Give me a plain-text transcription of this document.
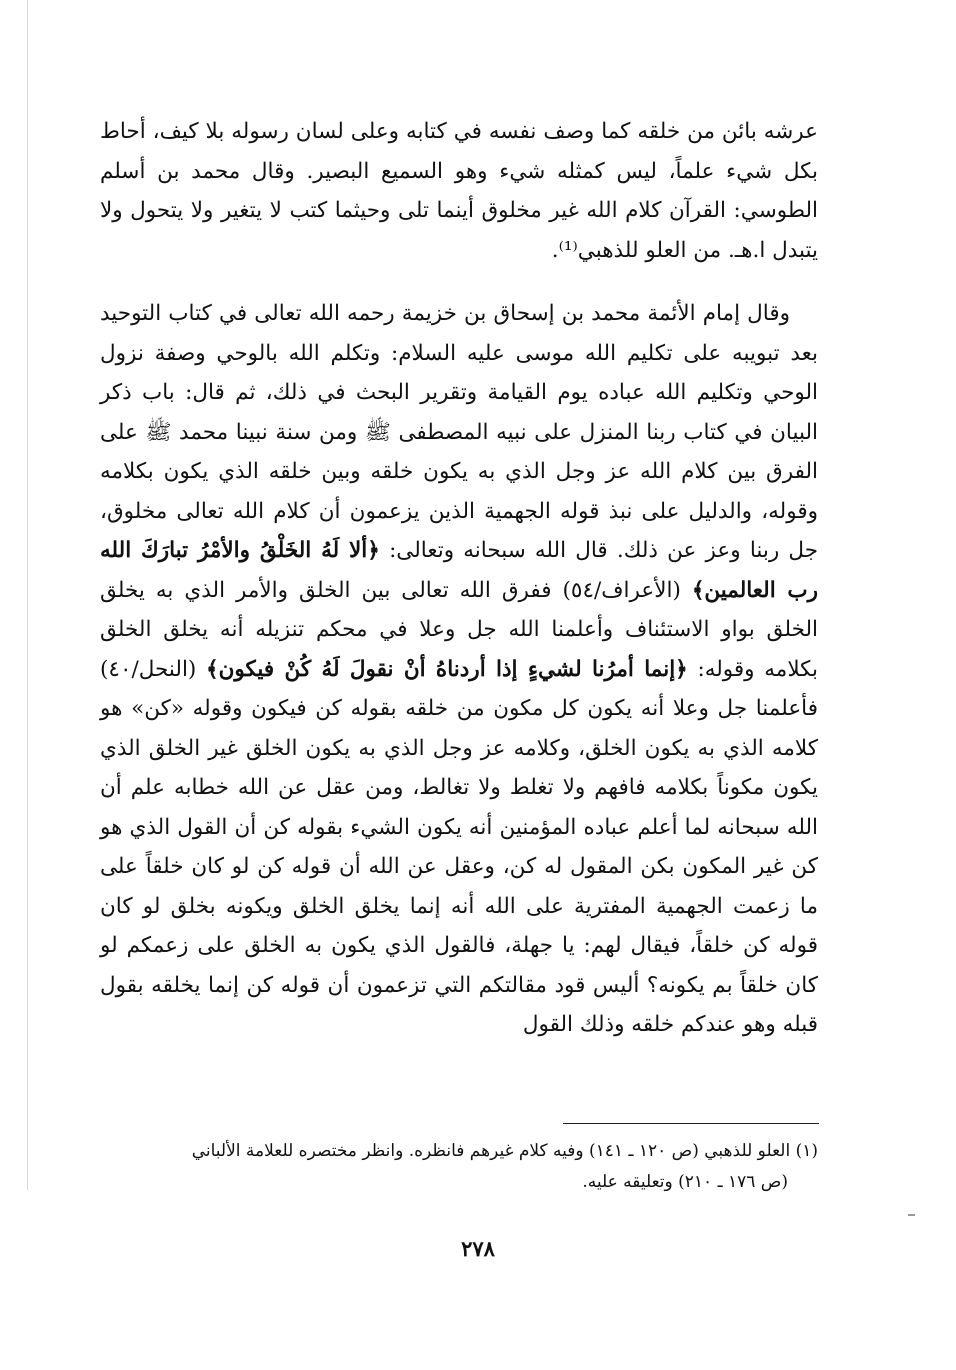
عرشه بائن من خلقه كما وصف نفسه في كتابه وعلى لسان رسوله بلا كيف، أحاط بكل شيء علماً، ليس كمثله شيء وهو السميع البصير. وقال محمد بن أسلم الطوسي: القرآن كلام الله غير مخلوق أينما تلى وحيثما كتب لا يتغير ولا يتحول ولا يتبدل ا.هـ. من العلو للذهبي⁽¹⁾.

وقال إمام الأئمة محمد بن إسحاق بن خزيمة رحمه الله تعالى في كتاب التوحيد بعد تبويبه على تكليم الله موسى عليه السلام: وتكلم الله بالوحي وصفة نزول الوحي وتكليم الله عباده يوم القيامة وتقرير البحث في ذلك، ثم قال: باب ذكر البيان في كتاب ربنا المنزل على نبيه المصطفى ﷺ ومن سنة نبينا محمد ﷺ على الفرق بين كلام الله عز وجل الذي به يكون خلقه وبين خلقه الذي يكون بكلامه وقوله، والدليل على نبذ قوله الجهمية الذين يزعمون أن كلام الله تعالى مخلوق، جل ربنا وعز عن ذلك. قال الله سبحانه وتعالى: ﴿ألا لَهُ الخَلْقُ والأمْرُ تبارَكَ الله رب العالمين﴾ (الأعراف/٥٤) ففرق الله تعالى بين الخلق والأمر الذي به يخلق الخلق بواو الاستئناف وأعلمنا الله جل وعلا في محكم تنزيله أنه يخلق الخلق بكلامه وقوله: ﴿إنما أمرُنا لشيءٍ إذا أردناهُ أنْ نقولَ لَهُ كُنْ فيكون﴾ (النحل/٤٠) فأعلمنا جل وعلا أنه يكون كل مكون من خلقه بقوله كن فيكون وقوله «كن» هو كلامه الذي به يكون الخلق، وكلامه عز وجل الذي به يكون الخلق غير الخلق الذي يكون مكوناً بكلامه فافهم ولا تغلط ولا تغالط، ومن عقل عن الله خطابه علم أن الله سبحانه لما أعلم عباده المؤمنين أنه يكون الشيء بقوله كن أن القول الذي هو كن غير المكون بكن المقول له كن، وعقل عن الله أن قوله كن لو كان خلقاً على ما زعمت الجهمية المفترية على الله أنه إنما يخلق الخلق ويكونه بخلق لو كان قوله كن خلقاً، فيقال لهم: يا جهلة، فالقول الذي يكون به الخلق على زعمكم لو كان خلقاً بم يكونه؟ أليس قود مقالتكم التي تزعمون أن قوله كن إنما يخلقه بقول قبله وهو عندكم خلقه وذلك القول

(١) العلو للذهبي (ص ١٢٠ ـ ١٤١) وفيه كلام غيرهم فانظره. وانظر مختصره للعلامة الألباني

(ص ١٧٦ ـ ٢١٠) وتعليقه عليه.

٢٧٨
